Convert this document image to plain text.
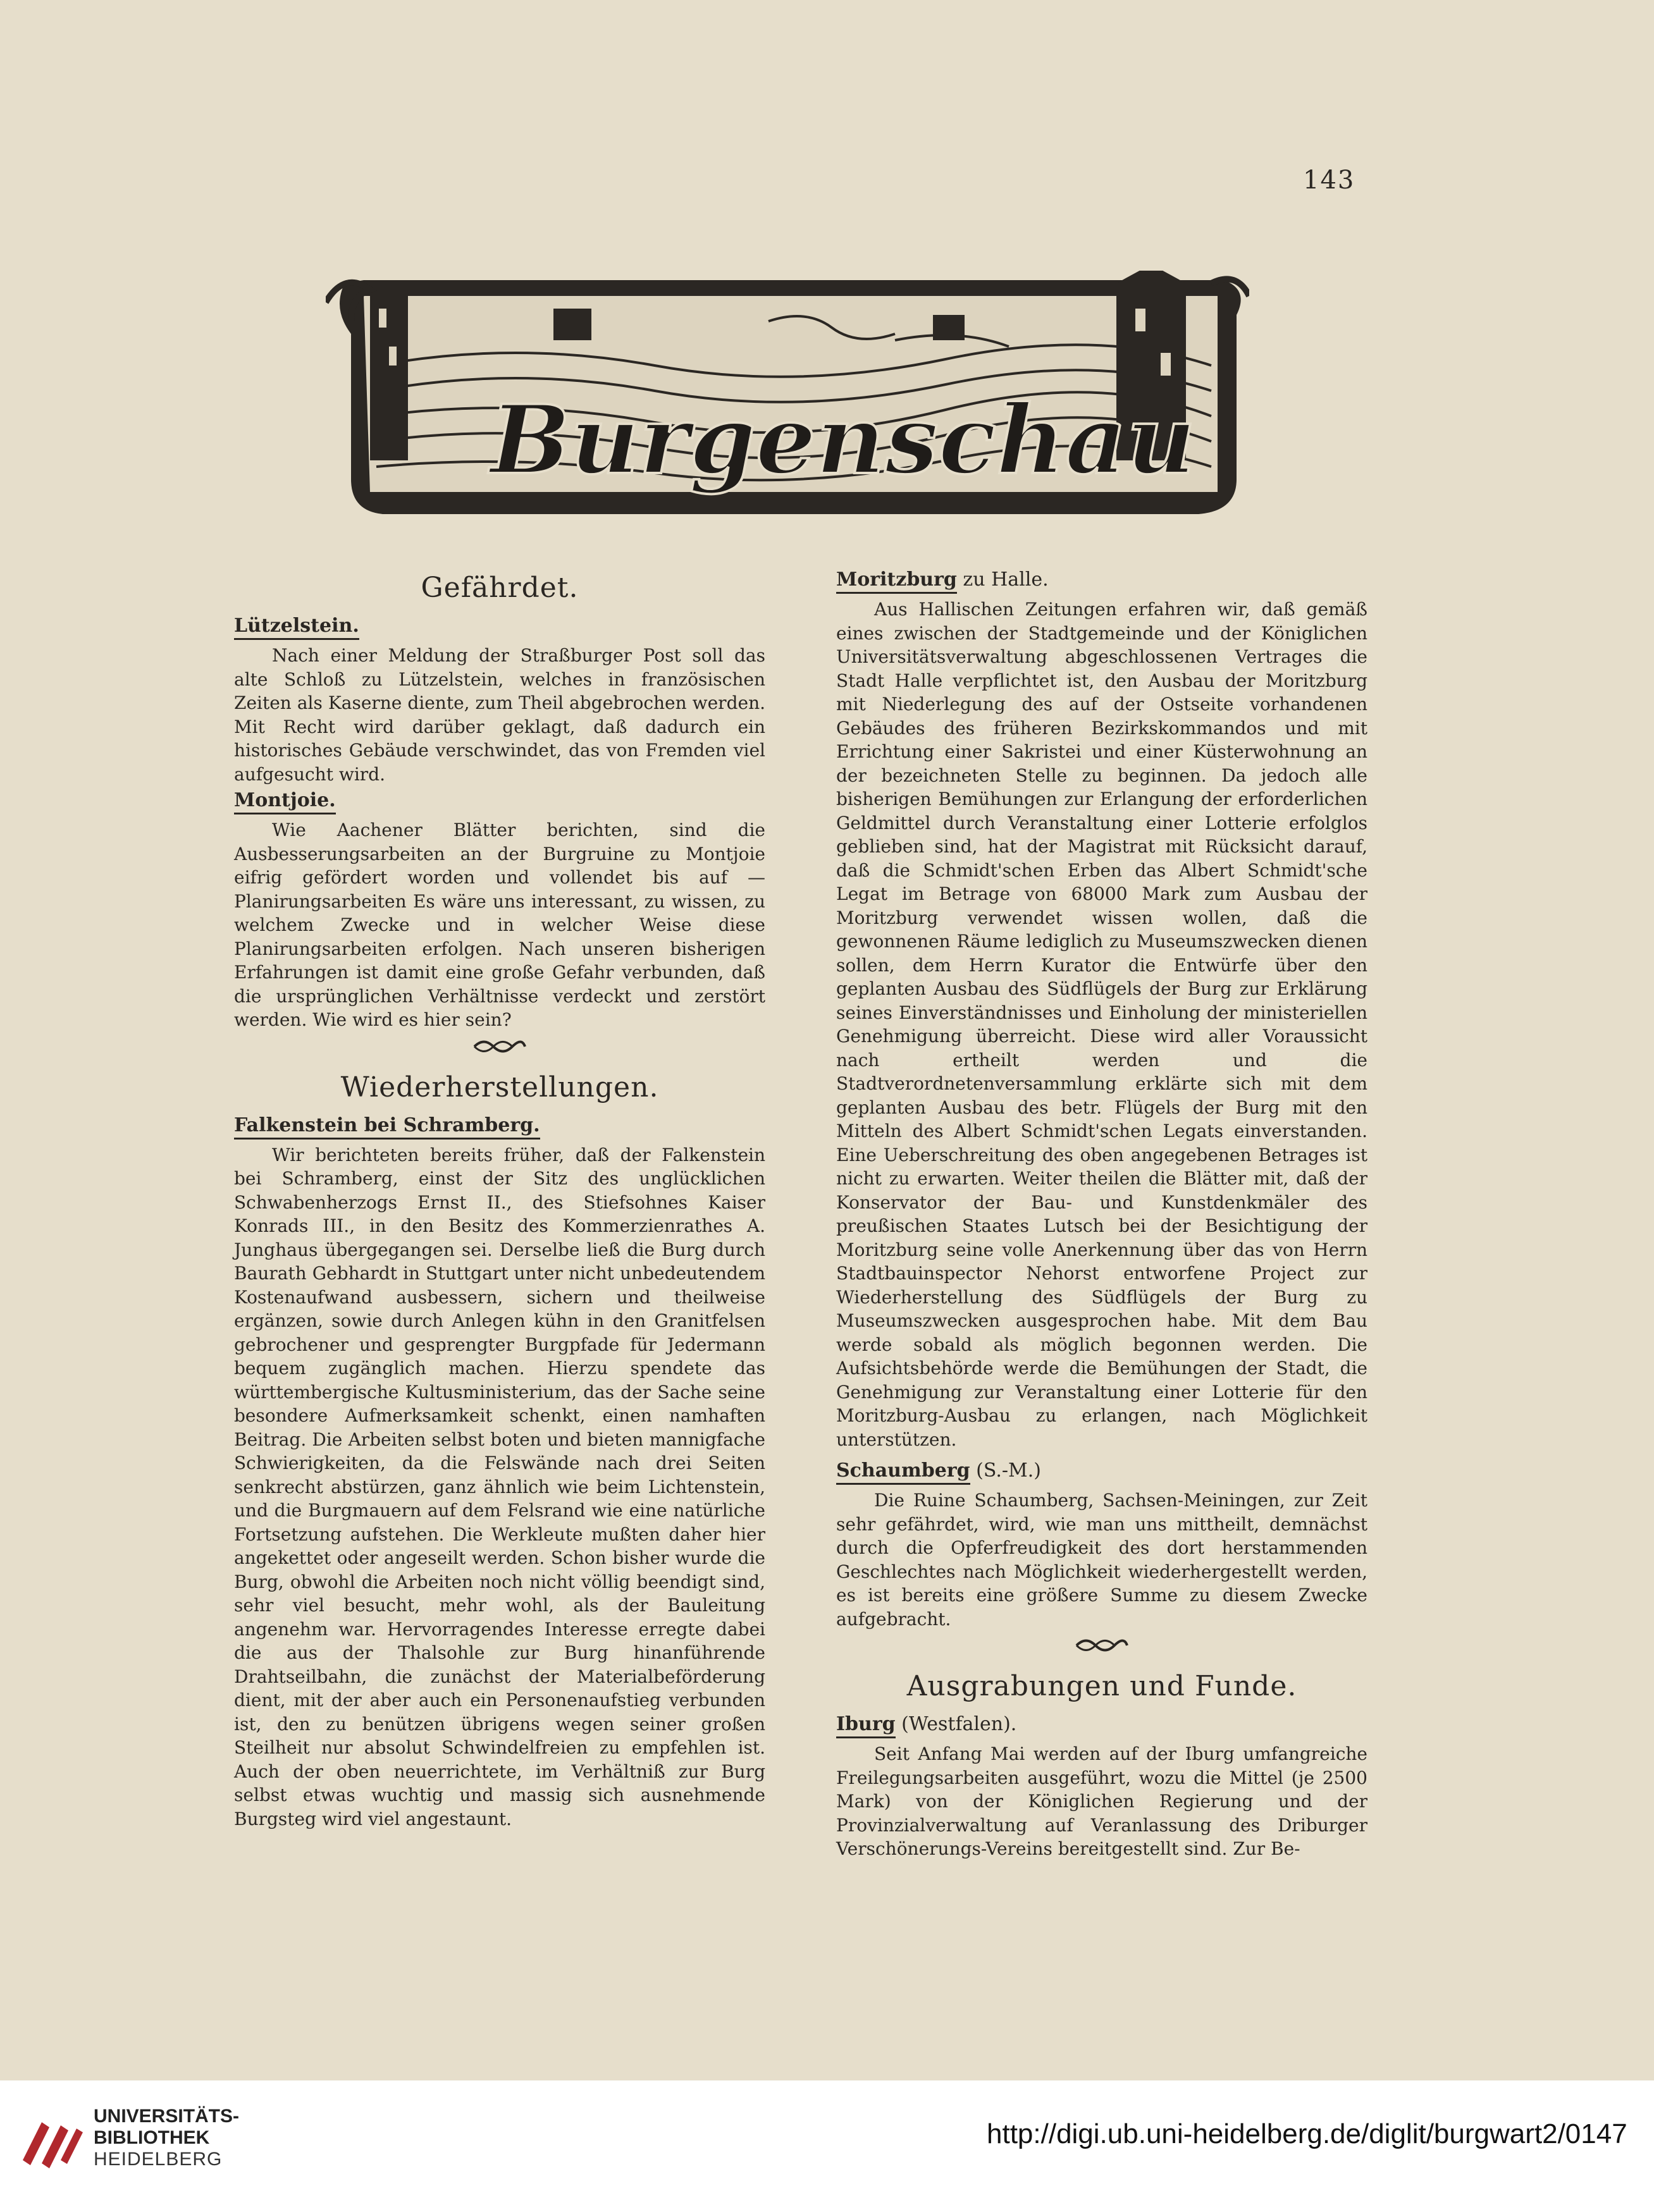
143
Burgenschau
Gefährdet.
Lützelstein.

Nach einer Meldung der Straßburger Post soll das alte Schloß zu Lützelstein, welches in französischen Zeiten als Kaserne diente, zum Theil abgebrochen werden. Mit Recht wird darüber geklagt, daß dadurch ein historisches Gebäude verschwindet, das von Fremden viel aufgesucht wird.

Montjoie.

Wie Aachener Blätter berichten, sind die Ausbesserungsarbeiten an der Burgruine zu Montjoie eifrig gefördert worden und vollendet bis auf — Planirungsarbeiten Es wäre uns interessant, zu wissen, zu welchem Zwecke und in welcher Weise diese Planirungsarbeiten erfolgen. Nach unseren bisherigen Erfahrungen ist damit eine große Gefahr verbunden, daß die ursprünglichen Verhältnisse verdeckt und zerstört werden. Wie wird es hier sein?

Wiederherstellungen.
Falkenstein bei Schramberg.

Wir berichteten bereits früher, daß der Falkenstein bei Schramberg, einst der Sitz des unglücklichen Schwabenherzogs Ernst II., des Stiefsohnes Kaiser Konrads III., in den Besitz des Kommerzienrathes A. Junghaus übergegangen sei. Derselbe ließ die Burg durch Baurath Gebhardt in Stuttgart unter nicht unbedeutendem Kostenaufwand ausbessern, sichern und theilweise ergänzen, sowie durch Anlegen kühn in den Granitfelsen gebrochener und gesprengter Burgpfade für Jedermann bequem zugänglich machen. Hierzu spendete das württembergische Kultusministerium, das der Sache seine besondere Aufmerksamkeit schenkt, einen namhaften Beitrag. Die Arbeiten selbst boten und bieten mannigfache Schwierigkeiten, da die Felswände nach drei Seiten senkrecht abstürzen, ganz ähnlich wie beim Lichtenstein, und die Burgmauern auf dem Felsrand wie eine natürliche Fortsetzung aufstehen. Die Werkleute mußten daher hier angekettet oder angeseilt werden. Schon bisher wurde die Burg, obwohl die Arbeiten noch nicht völlig beendigt sind, sehr viel besucht, mehr wohl, als der Bauleitung angenehm war. Hervorragendes Interesse erregte dabei die aus der Thalsohle zur Burg hinanführende Drahtseilbahn, die zunächst der Materialbeförderung dient, mit der aber auch ein Personenaufstieg verbunden ist, den zu benützen übrigens wegen seiner großen Steilheit nur absolut Schwindelfreien zu empfehlen ist. Auch der oben neuerrichtete, im Verhältniß zur Burg selbst etwas wuchtig und massig sich ausnehmende Burgsteg wird viel angestaunt.

Moritzburg zu Halle.

Aus Hallischen Zeitungen erfahren wir, daß gemäß eines zwischen der Stadtgemeinde und der Königlichen Universitätsverwaltung abgeschlossenen Vertrages die Stadt Halle verpflichtet ist, den Ausbau der Moritzburg mit Niederlegung des auf der Ostseite vorhandenen Gebäudes des früheren Bezirkskommandos und mit Errichtung einer Sakristei und einer Küsterwohnung an der bezeichneten Stelle zu beginnen. Da jedoch alle bisherigen Bemühungen zur Erlangung der erforderlichen Geldmittel durch Veranstaltung einer Lotterie erfolglos geblieben sind, hat der Magistrat mit Rücksicht darauf, daß die Schmidt'schen Erben das Albert Schmidt'sche Legat im Betrage von 68000 Mark zum Ausbau der Moritzburg verwendet wissen wollen, daß die gewonnenen Räume lediglich zu Museumszwecken dienen sollen, dem Herrn Kurator die Entwürfe über den geplanten Ausbau des Südflügels der Burg zur Erklärung seines Einverständnisses und Einholung der ministeriellen Genehmigung überreicht. Diese wird aller Voraussicht nach ertheilt werden und die Stadtverordnetenversammlung erklärte sich mit dem geplanten Ausbau des betr. Flügels der Burg mit den Mitteln des Albert Schmidt'schen Legats einverstanden. Eine Ueberschreitung des oben angegebenen Betrages ist nicht zu erwarten. Weiter theilen die Blätter mit, daß der Konservator der Bau- und Kunstdenkmäler des preußischen Staates Lutsch bei der Besichtigung der Moritzburg seine volle Anerkennung über das von Herrn Stadtbauinspector Nehorst entworfene Project zur Wiederherstellung des Südflügels der Burg zu Museumszwecken ausgesprochen habe. Mit dem Bau werde sobald als möglich begonnen werden. Die Aufsichtsbehörde werde die Bemühungen der Stadt, die Genehmigung zur Veranstaltung einer Lotterie für den Moritzburg-Ausbau zu erlangen, nach Möglichkeit unterstützen.

Schaumberg (S.-M.)

Die Ruine Schaumberg, Sachsen-Meiningen, zur Zeit sehr gefährdet, wird, wie man uns mittheilt, demnächst durch die Opferfreudigkeit des dort herstammenden Geschlechtes nach Möglichkeit wiederhergestellt werden, es ist bereits eine größere Summe zu diesem Zwecke aufgebracht.

Ausgrabungen und Funde.
Iburg (Westfalen).

Seit Anfang Mai werden auf der Iburg umfangreiche Freilegungsarbeiten ausgeführt, wozu die Mittel (je 2500 Mark) von der Königlichen Regierung und der Provinzialverwaltung auf Veranlassung des Driburger Verschönerungs-Vereins bereitgestellt sind. Zur Be-

UNIVERSITÄTS-
BIBLIOTHEK
HEIDELBERG
http://digi.ub.uni-heidelberg.de/diglit/burgwart2/0147
